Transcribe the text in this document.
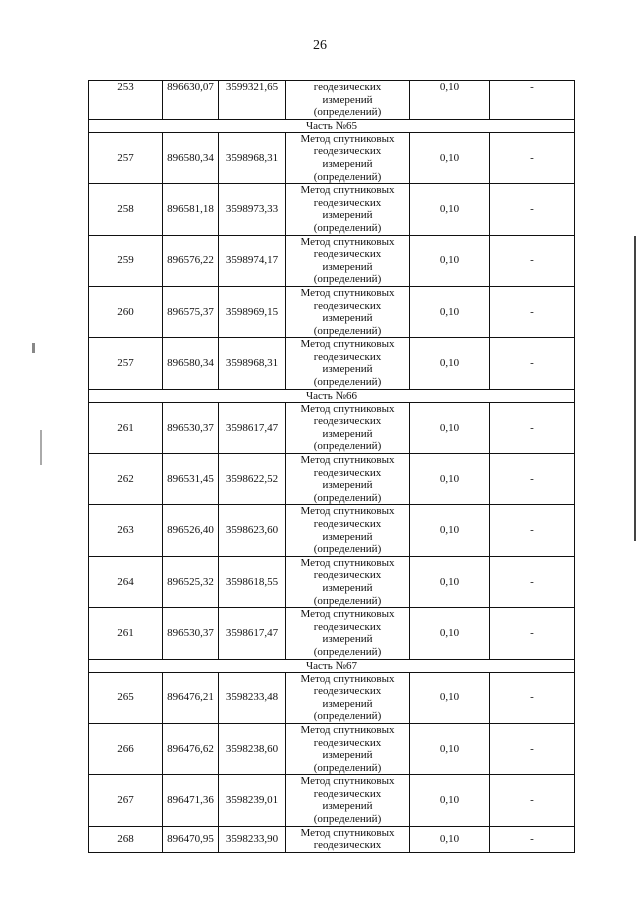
26
253	896630,07	3599321,65	геодезических
измерений
(определений)	0,10	-
Часть №65					
257	896580,34	3598968,31	Метод спутниковых
геодезических
измерений
(определений)	0,10	-
258	896581,18	3598973,33	Метод спутниковых
геодезических
измерений
(определений)	0,10	-
259	896576,22	3598974,17	Метод спутниковых
геодезических
измерений
(определений)	0,10	-
260	896575,37	3598969,15	Метод спутниковых
геодезических
измерений
(определений)	0,10	-
257	896580,34	3598968,31	Метод спутниковых
геодезических
измерений
(определений)	0,10	-
Часть №66					
261	896530,37	3598617,47	Метод спутниковых
геодезических
измерений
(определений)	0,10	-
262	896531,45	3598622,52	Метод спутниковых
геодезических
измерений
(определений)	0,10	-
263	896526,40	3598623,60	Метод спутниковых
геодезических
измерений
(определений)	0,10	-
264	896525,32	3598618,55	Метод спутниковых
геодезических
измерений
(определений)	0,10	-
261	896530,37	3598617,47	Метод спутниковых
геодезических
измерений
(определений)	0,10	-
Часть №67					
265	896476,21	3598233,48	Метод спутниковых
геодезических
измерений
(определений)	0,10	-
266	896476,62	3598238,60	Метод спутниковых
геодезических
измерений
(определений)	0,10	-
267	896471,36	3598239,01	Метод спутниковых
геодезических
измерений
(определений)	0,10	-
268	896470,95	3598233,90	Метод спутниковых
геодезических	0,10	-
